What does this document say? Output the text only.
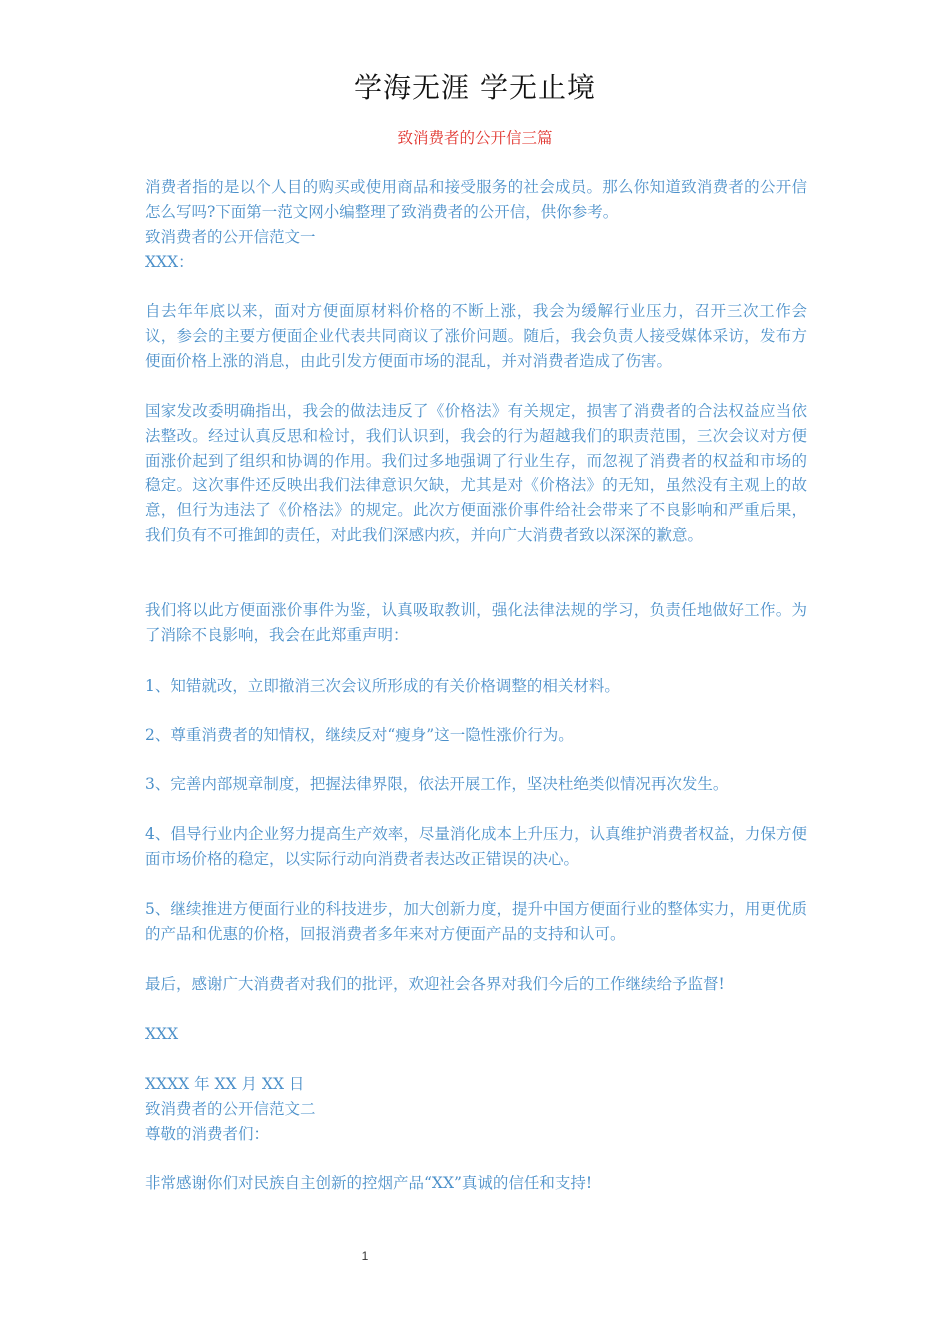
学海无涯 学无止境
致消费者的公开信三篇

消费者指的是以个人目的购买或使用商品和接受服务的社会成员。那么你知道致消费者的公开信怎么写吗?下面第一范文网小编整理了致消费者的公开信，供你参考。

致消费者的公开信范文一
XXX：

自去年年底以来，面对方便面原材料价格的不断上涨，我会为缓解行业压力，召开三次工作会议，参会的主要方便面企业代表共同商议了涨价问题。随后，我会负责人接受媒体采访，发布方便面价格上涨的消息，由此引发方便面市场的混乱，并对消费者造成了伤害。

国家发改委明确指出，我会的做法违反了《价格法》有关规定，损害了消费者的合法权益应当依法整改。经过认真反思和检讨，我们认识到，我会的行为超越我们的职责范围，三次会议对方便面涨价起到了组织和协调的作用。我们过多地强调了行业生存，而忽视了消费者的权益和市场的稳定。这次事件还反映出我们法律意识欠缺，尤其是对《价格法》的无知，虽然没有主观上的故意，但行为违法了《价格法》的规定。此次方便面涨价事件给社会带来了不良影响和严重后果，我们负有不可推卸的责任，对此我们深感内疚，并向广大消费者致以深深的歉意。

我们将以此方便面涨价事件为鉴，认真吸取教训，强化法律法规的学习，负责任地做好工作。为了消除不良影响，我会在此郑重声明：

1、知错就改，立即撤消三次会议所形成的有关价格调整的相关材料。
2、尊重消费者的知情权，继续反对“瘦身”这一隐性涨价行为。
3、完善内部规章制度，把握法律界限，依法开展工作，坚决杜绝类似情况再次发生。

4、倡导行业内企业努力提高生产效率，尽量消化成本上升压力，认真维护消费者权益，力保方便面市场价格的稳定，以实际行动向消费者表达改正错误的决心。

5、继续推进方便面行业的科技进步，加大创新力度，提升中国方便面行业的整体实力，用更优质的产品和优惠的价格，回报消费者多年来对方便面产品的支持和认可。

最后，感谢广大消费者对我们的批评，欢迎社会各界对我们今后的工作继续给予监督!
XXX
XXXX 年 XX 月 XX 日
致消费者的公开信范文二
尊敬的消费者们：
非常感谢你们对民族自主创新的控烟产品“XX”真诚的信任和支持!
1
